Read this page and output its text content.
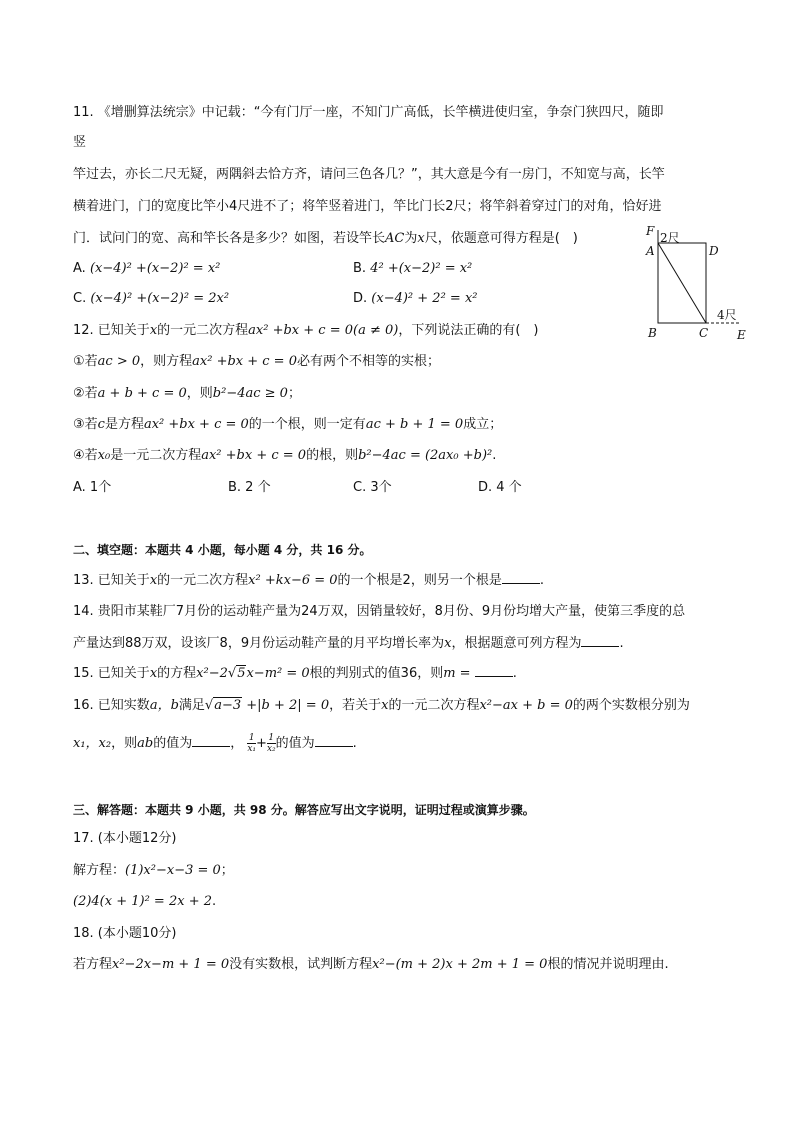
11. 《增删算法统宗》中记载：“今有门厅一座，不知门广高低，长竿横进使归室，争奈门狭四尺，随即
竖
竿过去，亦长二尺无疑，两隅斜去恰方齐，请问三色各几？”，其大意是今有一房门，不知宽与高，长竿
横着进门，门的宽度比竿小4尺进不了；将竿竖着进门，竿比门长2尺；将竿斜着穿过门的对角，恰好进
门．试问门的宽、高和竿长各是多少？如图，若设竿长AC为x尺，依题意可得方程是(　)
A. (x−4)² +(x−2)² = x²	B. 4² +(x−2)² = x²
C. (x−4)² +(x−2)² = 2x²	D. (x−4)² + 2² = x²
F 2尺
A	D
4尺
B	C E
12. 已知关于x的一元二次方程ax² +bx + c = 0(a ≠ 0)，下列说法正确的有(　)
①若ac > 0，则方程ax² +bx + c = 0必有两个不相等的实根；
②若a + b + c = 0，则b²−4ac ≥ 0；
③若c是方程ax² +bx + c = 0的一个根，则一定有ac + b + 1 = 0成立；
④若x₀是一元二次方程ax² +bx + c = 0的根，则b²−4ac = (2ax₀ +b)².
A. 1个	B. 2 个	C. 3个	D. 4 个
二、填空题：本题共 4 小题，每小题 4 分，共 16 分。
13. 已知关于x的一元二次方程x² +kx−6 = 0的一个根是2，则另一个根是	.
14. 贵阳市某鞋厂7月份的运动鞋产量为24万双，因销量较好，8月份、9月份均增大产量，使第三季度的总
产量达到88万双，设该厂8，9月份运动鞋产量的月平均增长率为x，根据题意可列方程为	.
15. 已知关于x的方程x²−2√5x−m² = 0根的判别式的值36，则m =	.
16. 已知实数a，b满足√a−3 +|b + 2| = 0，若关于x的一元二次方程x²−ax + b = 0的两个实数根分别为
x₁，x₂，则ab的值为	， $\frac{1}{\text{x₁}} + \frac{1}{\text{x₂}}$ 的值为	.
三、解答题：本题共 9 小题，共 98 分。解答应写出文字说明，证明过程或演算步骤。
17. (本小题12分)
解方程：(1)x²−x−3 = 0；
(2)4(x + 1)² = 2x + 2.
18. (本小题10分)
若方程x²−2x−m + 1 = 0没有实数根，试判断方程x²−(m + 2)x + 2m + 1 = 0根的情况并说明理由.
